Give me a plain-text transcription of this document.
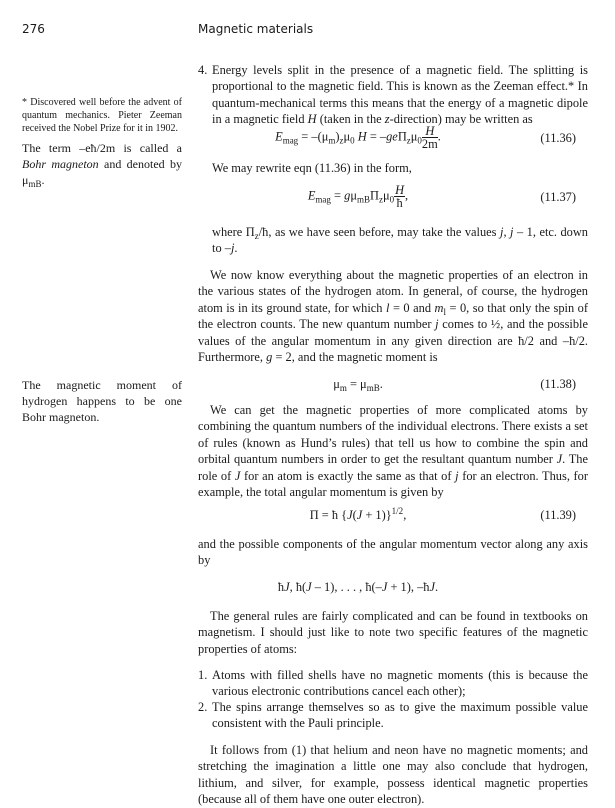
276	Magnetic materials
* Discovered well before the advent of quantum mechanics. Pieter Zeeman received the Nobel Prize for it in 1902.
The term –eħ/2m is called a Bohr magneton and denoted by $\mu_{mB}$.
The magnetic moment of hydrogen happens to be one Bohr magneton.
4. Energy levels split in the presence of a magnetic field. The splitting is proportional to the magnetic field. This is known as the Zeeman effect.* In quantum-mechanical terms this means that the energy of a magnetic dipole in a magnetic field H (taken in the z-direction) may be written as
$E_{mag} = -(\mu_m)_z\mu_0$ $H = -ge\Pi_z\mu_0 \frac{H}{2m}$ .	(11.36)
We may rewrite eqn (11.36) in the form,
$E_{mag} = g\mu_{mB}\Pi_z\mu_0 \frac{H}{ħ}$ ,	(11.37)
where $\Pi_z/ħ$, as we have seen before, may take the values j, j – 1, etc. down to –j.
We now know everything about the magnetic properties of an electron in the various states of the hydrogen atom. In general, of course, the hydrogen atom is in its ground state, for which l = 0 and $m_l = 0$, so that only the spin of the electron counts. The new quantum number j comes to ½, and the possible values of the angular momentum in any given direction are ħ/2 and –ħ/2. Furthermore, g = 2, and the magnetic moment is
$\mu_m = \mu_{mB}$.	(11.38)
We can get the magnetic properties of more complicated atoms by combining the quantum numbers of the individual electrons. There exists a set of rules (known as Hund’s rules) that tell us how to combine the spin and orbital quantum numbers in order to get the resultant quantum number J. The role of J for an atom is exactly the same as that of j for an electron. Thus, for example, the total angular momentum is given by
Π = ħ $\{J(J + 1)\}^{1/2}$,	(11.39)
and the possible components of the angular momentum vector along any axis by
ħJ, ħ(J – 1), . . . , ħ(–J + 1), –ħJ.
The general rules are fairly complicated and can be found in textbooks on magnetism. I should just like to note two specific features of the magnetic properties of atoms:
1. Atoms with filled shells have no magnetic moments (this is because the various electronic contributions cancel each other);
2. The spins arrange themselves so as to give the maximum possible value consistent with the Pauli principle.
It follows from (1) that helium and neon have no magnetic moments; and stretching the imagination a little one may also conclude that hydrogen, lithium, and silver, for example, possess identical magnetic properties (because all of them have one outer electron).
